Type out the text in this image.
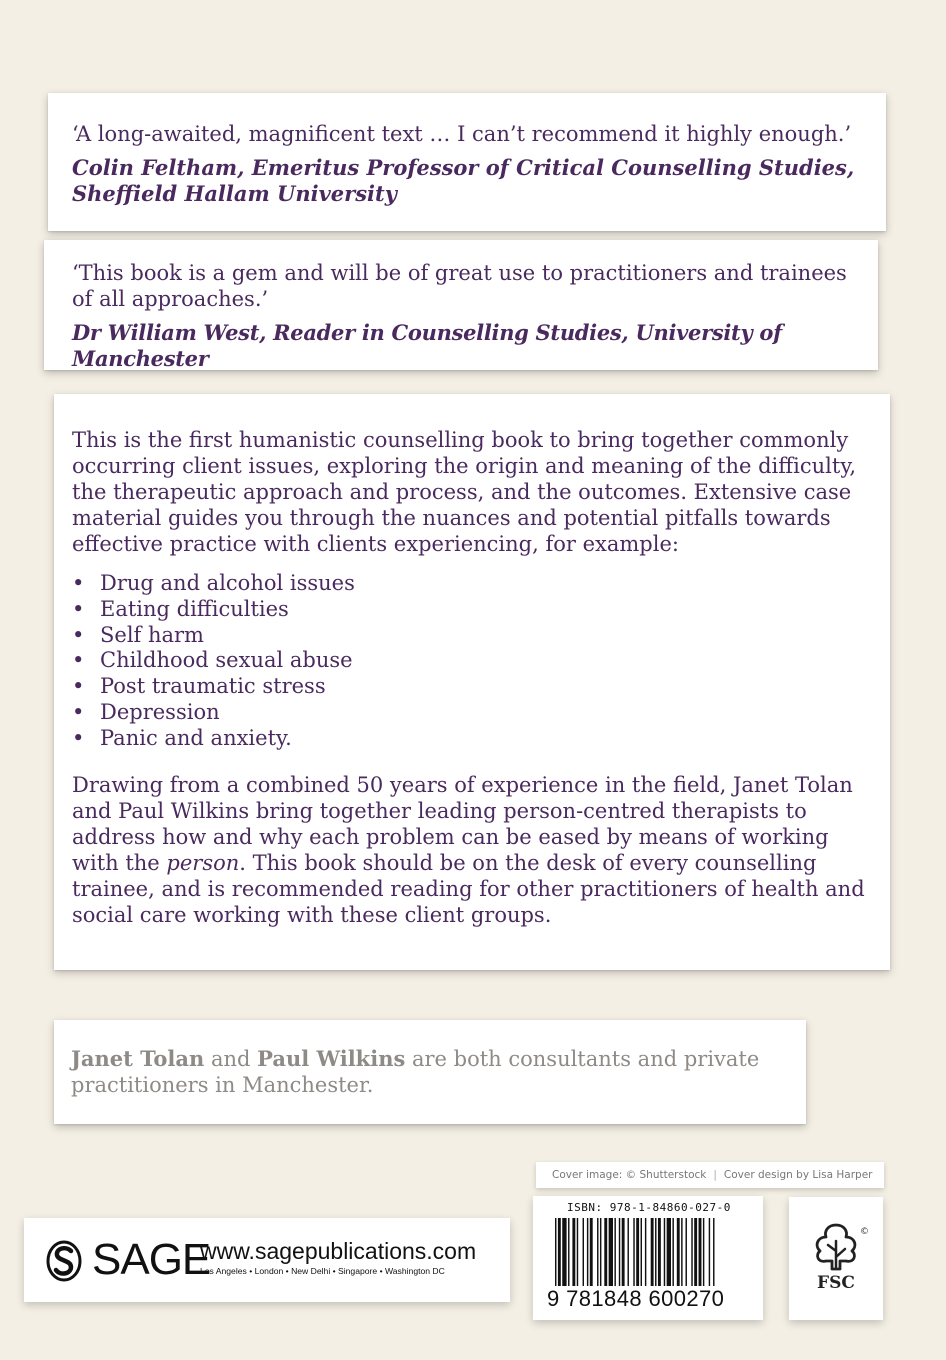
‘A long-awaited, magnificent text … I can’t recommend it highly enough.’

Colin Feltham, Emeritus Professor of Critical Counselling Studies, Sheffield Hallam University

‘This book is a gem and will be of great use to practitioners and trainees of all approaches.’

Dr William West, Reader in Counselling Studies, University of Manchester

This is the first humanistic counselling book to bring together commonly occurring client issues, exploring the origin and meaning of the difficulty, the therapeutic approach and process, and the outcomes. Extensive case material guides you through the nuances and potential pitfalls towards effective practice with clients experiencing, for example:

• Drug and alcohol issues
• Eating difficulties
• Self harm
• Childhood sexual abuse
• Post traumatic stress
• Depression
• Panic and anxiety.

Drawing from a combined 50 years of experience in the field, Janet Tolan and Paul Wilkins bring together leading person-centred therapists to address how and why each problem can be eased by means of working with the person. This book should be on the desk of every counselling trainee, and is recommended reading for other practitioners of health and social care working with these client groups.

Janet Tolan and Paul Wilkins are both consultants and private practitioners in Manchester.

Cover image: © Shutterstock | Cover design by Lisa Harper
SAGE
www.sagepublications.com
Los Angeles • London • New Delhi • Singapore • Washington DC
ISBN: 978-1-84860-027-0
9 781848 600270
©
FSC
